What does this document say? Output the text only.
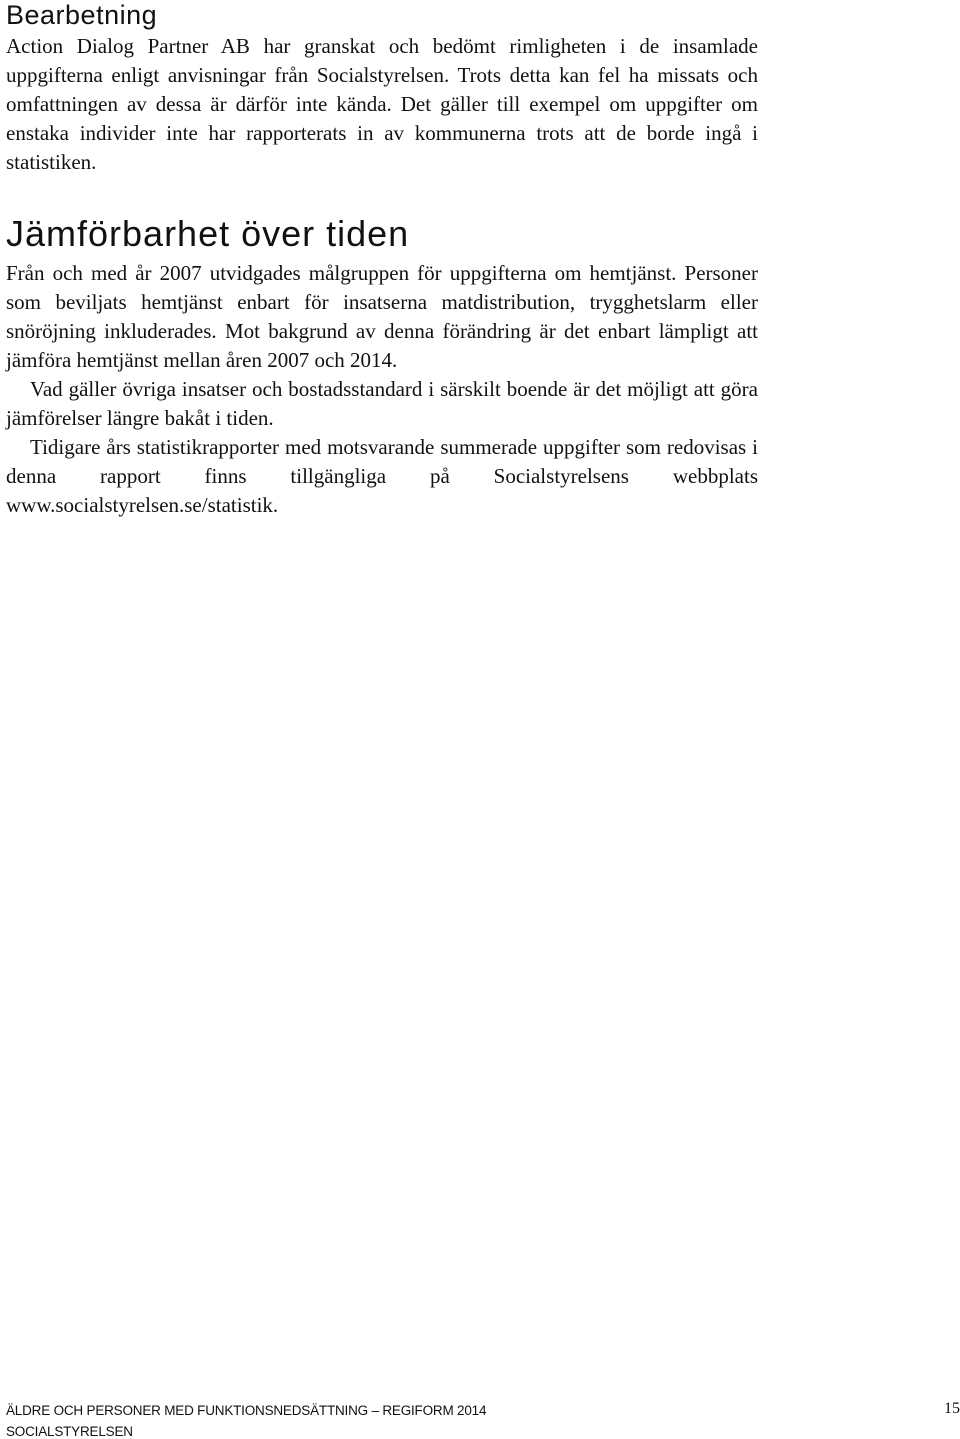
Bearbetning

Action Dialog Partner AB har granskat och bedömt rimligheten i de insamlade uppgifterna enligt anvisningar från Socialstyrelsen. Trots detta kan fel ha missats och omfattningen av dessa är därför inte kända. Det gäller till exempel om uppgifter om enstaka individer inte har rapporterats in av kommunerna trots att de borde ingå i statistiken.

Jämförbarhet över tiden

Från och med år 2007 utvidgades målgruppen för uppgifterna om hemtjänst. Personer som beviljats hemtjänst enbart för insatserna matdistribution, trygghetslarm eller snöröjning inkluderades. Mot bakgrund av denna förändring är det enbart lämpligt att jämföra hemtjänst mellan åren 2007 och 2014.

Vad gäller övriga insatser och bostadsstandard i särskilt boende är det möjligt att göra jämförelser längre bakåt i tiden.

Tidigare års statistikrapporter med motsvarande summerade uppgifter som redovisas i denna rapport finns tillgängliga på Socialstyrelsens webbplats www.socialstyrelsen.se/statistik.

ÄLDRE OCH PERSONER MED FUNKTIONSNEDSÄTTNING – REGIFORM 2014	15
SOCIALSTYRELSEN
